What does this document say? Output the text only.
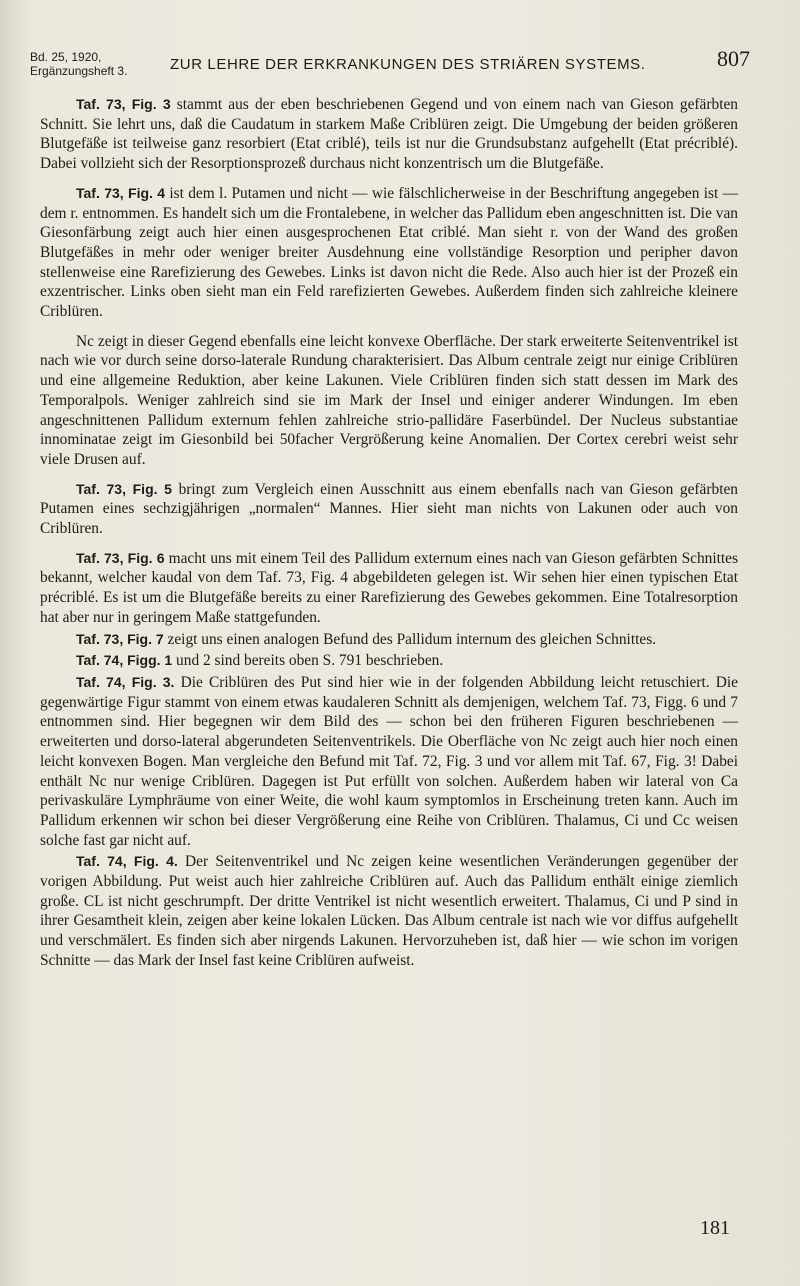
Bd. 25, 1920,
Ergänzungsheft 3.	ZUR LEHRE DER ERKRANKUNGEN DES STRIÄREN SYSTEMS.	807

Taf. 73, Fig. 3 stammt aus der eben beschriebenen Gegend und von einem nach van Gieson gefärbten Schnitt. Sie lehrt uns, daß die Caudatum in starkem Maße Criblüren zeigt. Die Umgebung der beiden größeren Blutgefäße ist teilweise ganz resorbiert (Etat criblé), teils ist nur die Grundsubstanz aufgehellt (Etat précriblé). Dabei vollzieht sich der Resorptionsprozeß durchaus nicht konzentrisch um die Blutgefäße.

Taf. 73, Fig. 4 ist dem l. Putamen und nicht — wie fälschlicherweise in der Beschriftung angegeben ist — dem r. entnommen. Es handelt sich um die Frontalebene, in welcher das Pallidum eben angeschnitten ist. Die van Giesonfärbung zeigt auch hier einen ausgesprochenen Etat criblé. Man sieht r. von der Wand des großen Blutgefäßes in mehr oder weniger breiter Ausdehnung eine vollständige Resorption und peripher davon stellenweise eine Rarefizierung des Gewebes. Links ist davon nicht die Rede. Also auch hier ist der Prozeß ein exzentrischer. Links oben sieht man ein Feld rarefizierten Gewebes. Außerdem finden sich zahlreiche kleinere Criblüren.

Nc zeigt in dieser Gegend ebenfalls eine leicht konvexe Oberfläche. Der stark erweiterte Seitenventrikel ist nach wie vor durch seine dorso-laterale Rundung charakterisiert. Das Album centrale zeigt nur einige Criblüren und eine allgemeine Reduktion, aber keine Lakunen. Viele Criblüren finden sich statt dessen im Mark des Temporalpols. Weniger zahlreich sind sie im Mark der Insel und einiger anderer Windungen. Im eben angeschnittenen Pallidum externum fehlen zahlreiche strio-pallidäre Faserbündel. Der Nucleus substantiae innominatae zeigt im Giesonbild bei 50facher Vergrößerung keine Anomalien. Der Cortex cerebri weist sehr viele Drusen auf.

Taf. 73, Fig. 5 bringt zum Vergleich einen Ausschnitt aus einem ebenfalls nach van Gieson gefärbten Putamen eines sechzigjährigen „normalen“ Mannes. Hier sieht man nichts von Lakunen oder auch von Criblüren.

Taf. 73, Fig. 6 macht uns mit einem Teil des Pallidum externum eines nach van Gieson gefärbten Schnittes bekannt, welcher kaudal von dem Taf. 73, Fig. 4 abgebildeten gelegen ist. Wir sehen hier einen typischen Etat précriblé. Es ist um die Blutgefäße bereits zu einer Rarefizierung des Gewebes gekommen. Eine Totalresorption hat aber nur in geringem Maße stattgefunden.

Taf. 73, Fig. 7 zeigt uns einen analogen Befund des Pallidum internum des gleichen Schnittes.

Taf. 74, Figg. 1 und 2 sind bereits oben S. 791 beschrieben.

Taf. 74, Fig. 3. Die Criblüren des Put sind hier wie in der folgenden Abbildung leicht retuschiert. Die gegenwärtige Figur stammt von einem etwas kaudaleren Schnitt als demjenigen, welchem Taf. 73, Figg. 6 und 7 entnommen sind. Hier begegnen wir dem Bild des — schon bei den früheren Figuren beschriebenen — erweiterten und dorso-lateral abgerundeten Seitenventrikels. Die Oberfläche von Nc zeigt auch hier noch einen leicht konvexen Bogen. Man vergleiche den Befund mit Taf. 72, Fig. 3 und vor allem mit Taf. 67, Fig. 3! Dabei enthält Nc nur wenige Criblüren. Dagegen ist Put erfüllt von solchen. Außerdem haben wir lateral von Ca perivaskuläre Lymphräume von einer Weite, die wohl kaum symptomlos in Erscheinung treten kann. Auch im Pallidum erkennen wir schon bei dieser Vergrößerung eine Reihe von Criblüren. Thalamus, Ci und Cc weisen solche fast gar nicht auf.

Taf. 74, Fig. 4. Der Seitenventrikel und Nc zeigen keine wesentlichen Veränderungen gegenüber der vorigen Abbildung. Put weist auch hier zahlreiche Criblüren auf. Auch das Pallidum enthält einige ziemlich große. CL ist nicht geschrumpft. Der dritte Ventrikel ist nicht wesentlich erweitert. Thalamus, Ci und P sind in ihrer Gesamtheit klein, zeigen aber keine lokalen Lücken. Das Album centrale ist nach wie vor diffus aufgehellt und verschmälert. Es finden sich aber nirgends Lakunen. Hervorzuheben ist, daß hier — wie schon im vorigen Schnitte — das Mark der Insel fast keine Criblüren aufweist.

181
